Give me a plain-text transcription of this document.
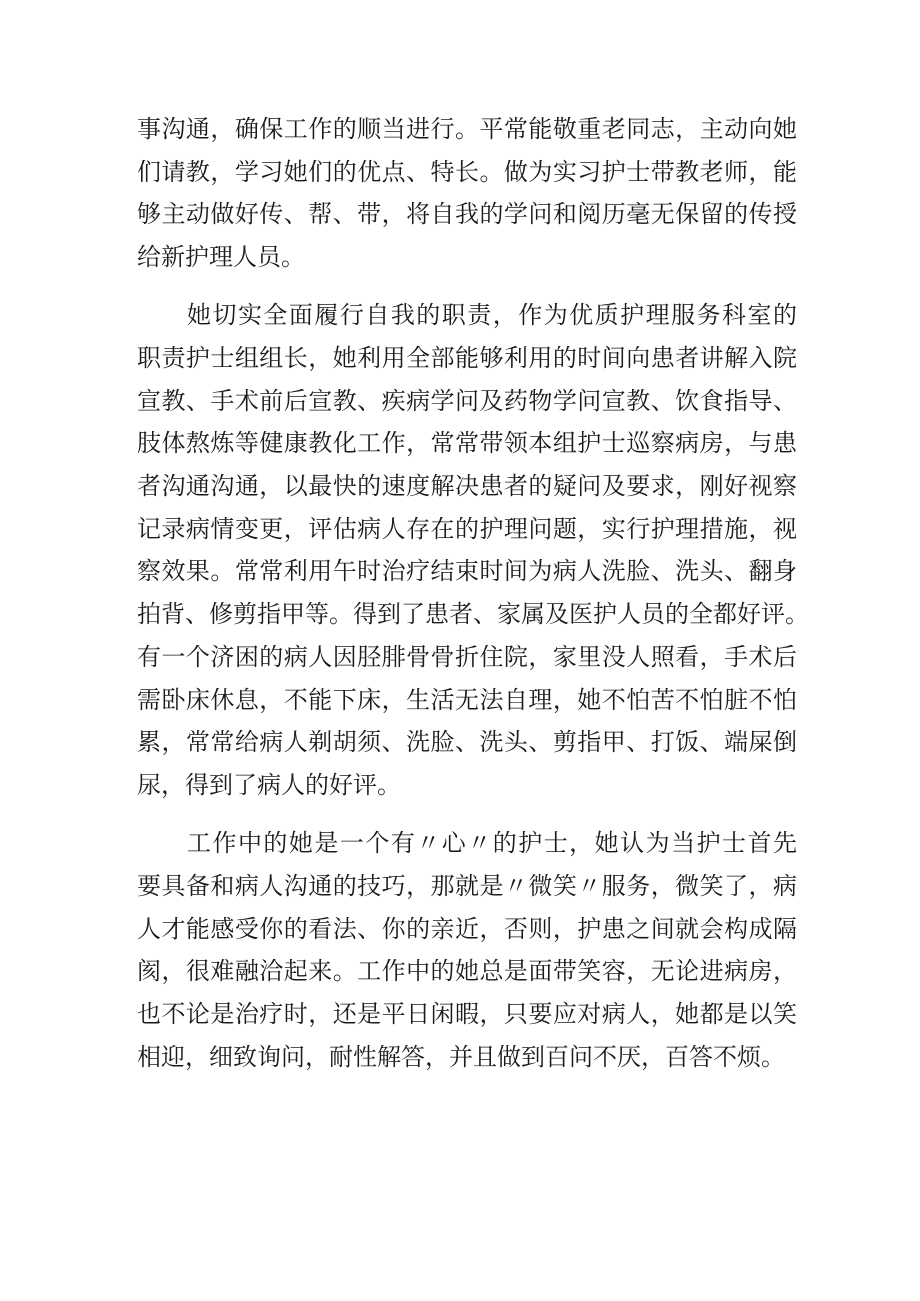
事沟通，确保工作的顺当进行。平常能敬重老同志，主动向她
们请教，学习她们的优点、特长。做为实习护士带教老师，能
够主动做好传、帮、带，将自我的学问和阅历毫无保留的传授
给新护理人员。
她切实全面履行自我的职责，作为优质护理服务科室的
职责护士组组长，她利用全部能够利用的时间向患者讲解入院
宣教、手术前后宣教、疾病学问及药物学问宣教、饮食指导、
肢体熬炼等健康教化工作，常常带领本组护士巡察病房，与患
者沟通沟通，以最快的速度解决患者的疑问及要求，刚好视察
记录病情变更，评估病人存在的护理问题，实行护理措施，视
察效果。常常利用午时治疗结束时间为病人洗脸、洗头、翻身
拍背、修剪指甲等。得到了患者、家属及医护人员的全都好评。
有一个济困的病人因胫腓骨骨折住院，家里没人照看，手术后
需卧床休息，不能下床，生活无法自理，她不怕苦不怕脏不怕
累，常常给病人剃胡须、洗脸、洗头、剪指甲、打饭、端屎倒
尿，得到了病人的好评。
工作中的她是一个有〃心〃的护士，她认为当护士首先
要具备和病人沟通的技巧，那就是〃微笑〃服务，微笑了，病
人才能感受你的看法、你的亲近，否则，护患之间就会构成隔
阂，很难融洽起来。工作中的她总是面带笑容，无论进病房，
也不论是治疗时，还是平日闲暇，只要应对病人，她都是以笑
相迎，细致询问，耐性解答，并且做到百问不厌，百答不烦。
